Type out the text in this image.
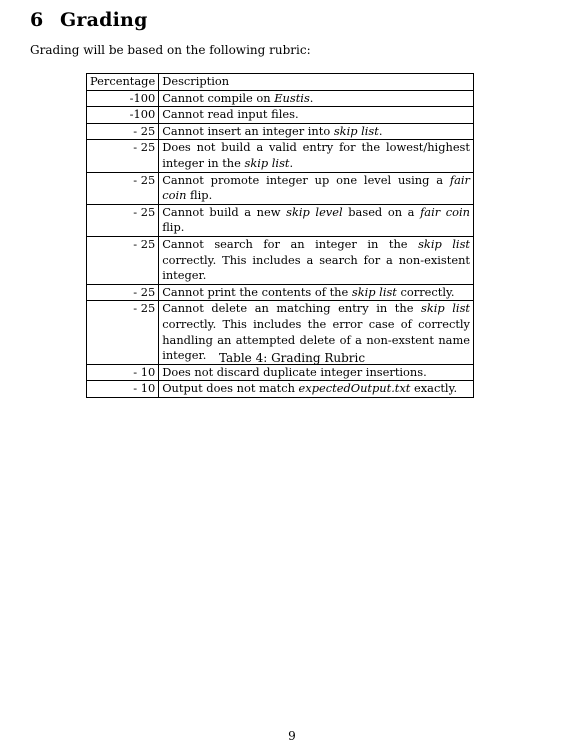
6 Grading
Grading will be based on the following rubric:
Percentage	Description
-100	Cannot compile on Eustis.
-100	Cannot read input files.
- 25	Cannot insert an integer into skip list.
- 25	Does not build a valid entry for the lowest/highest integer in the skip list.
- 25	Cannot promote integer up one level using a fair coin flip.
- 25	Cannot build a new skip level based on a fair coin flip.
- 25	Cannot search for an integer in the skip list correctly. This includes a search for a non-existent integer.
- 25	Cannot print the contents of the skip list correctly.
- 25	Cannot delete an matching entry in the skip list correctly. This includes the error case of correctly handling an attempted delete of a non-exstent name integer.
- 10	Does not discard duplicate integer insertions.
- 10	Output does not match expectedOutput.txt exactly.
Table 4: Grading Rubric
9
